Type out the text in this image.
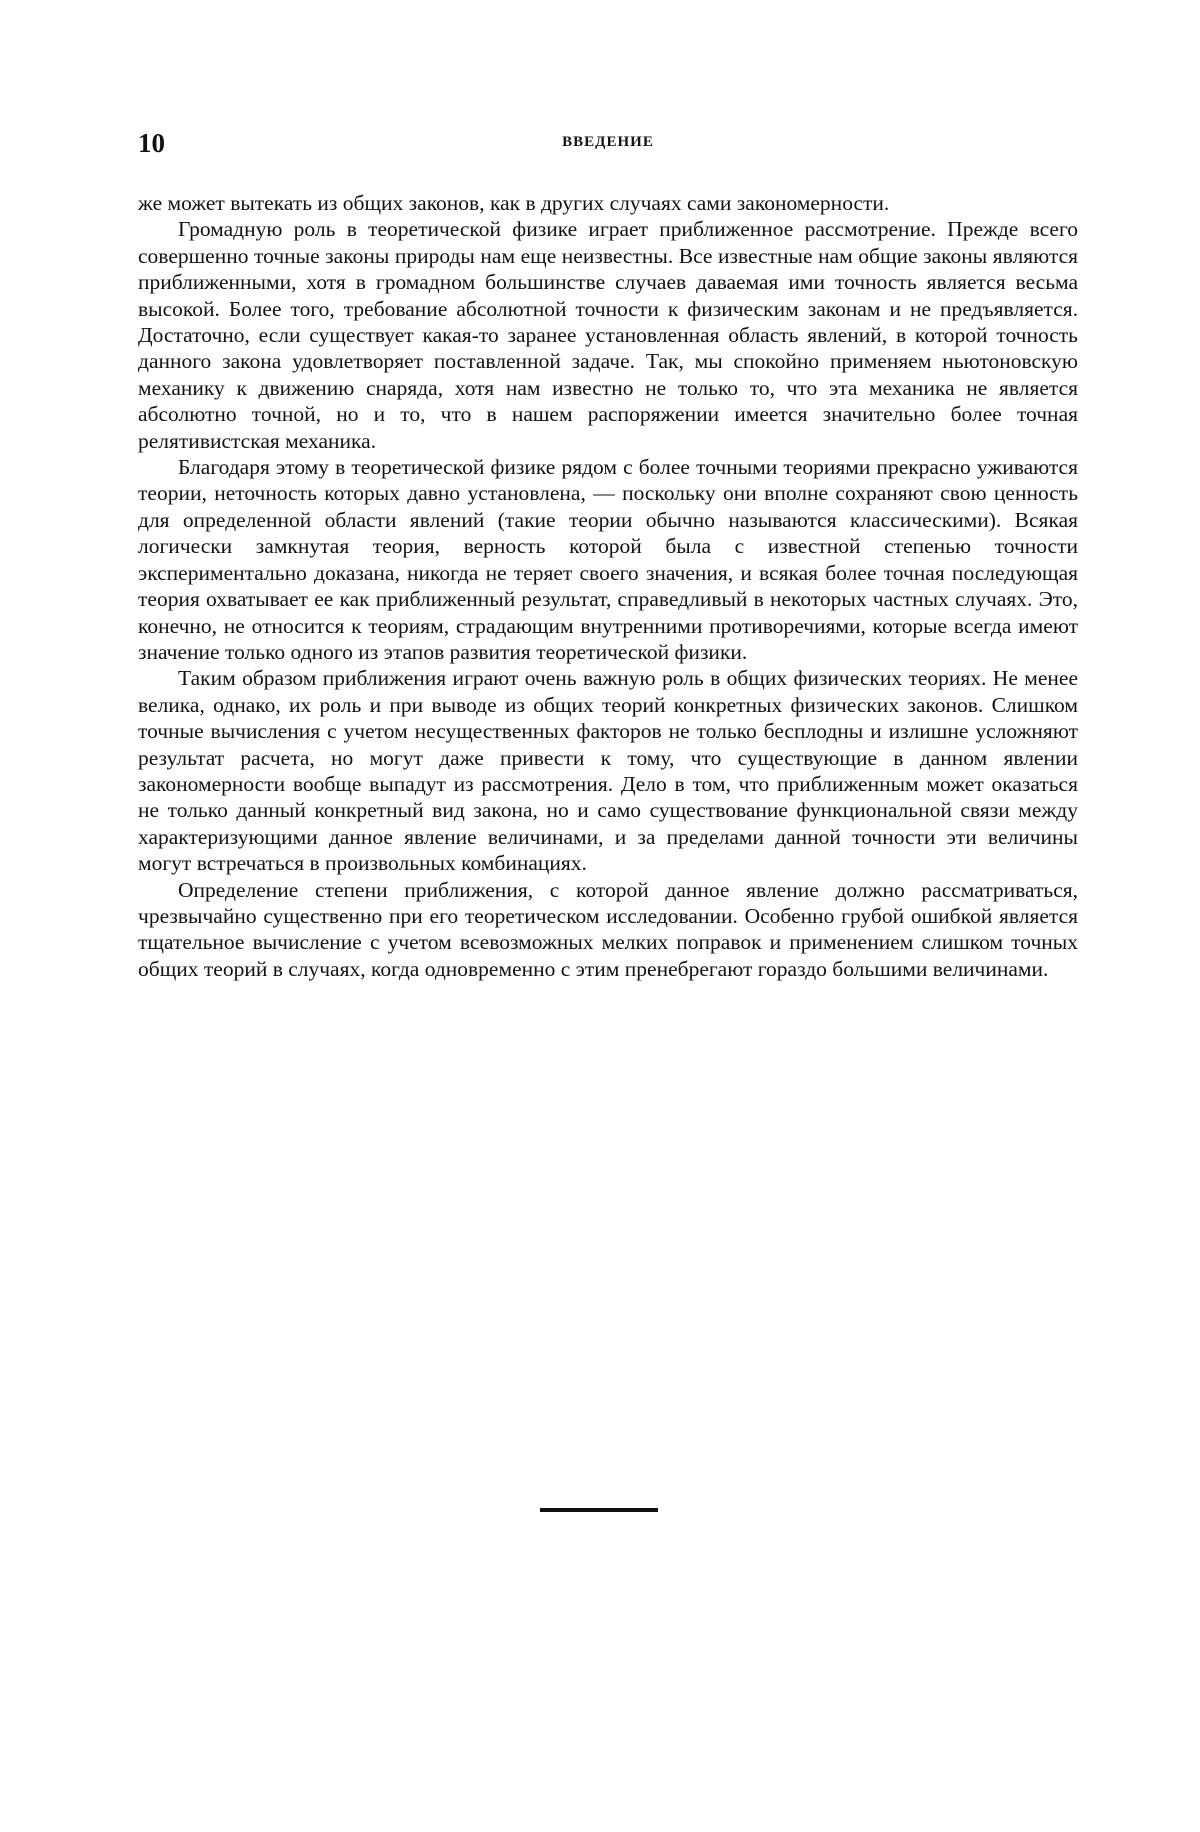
10	ВВЕДЕНИЕ

же может вытекать из общих законов, как в других случаях сами закономерности.

Громадную роль в теоретической физике играет приближенное рассмотрение. Прежде всего совершенно точные законы природы нам еще неизвестны. Все известные нам общие законы являются приближенными, хотя в громадном большинстве случаев даваемая ими точность является весьма высокой. Более того, требование абсолютной точности к физическим законам и не предъявляется. Достаточно, если существует какая-то заранее установленная область явлений, в которой точность данного закона удовлетворяет поставленной задаче. Так, мы спокойно применяем ньютоновскую механику к движению снаряда, хотя нам известно не только то, что эта механика не является абсолютно точной, но и то, что в нашем распоряжении имеется значительно более точная релятивистская механика.

Благодаря этому в теоретической физике рядом с более точными теориями прекрасно уживаются теории, неточность которых давно установлена, — поскольку они вполне сохраняют свою ценность для определенной области явлений (такие теории обычно называются классическими). Всякая логически замкнутая теория, верность которой была с известной степенью точности экспериментально доказана, никогда не теряет своего значения, и всякая более точная последующая теория охватывает ее как приближенный результат, справедливый в некоторых частных случаях. Это, конечно, не относится к теориям, страдающим внутренними противоречиями, которые всегда имеют значение только одного из этапов развития теоретической физики.

Таким образом приближения играют очень важную роль в общих физических теориях. Не менее велика, однако, их роль и при выводе из общих теорий конкретных физических законов. Слишком точные вычисления с учетом несущественных факторов не только бесплодны и излишне усложняют результат расчета, но могут даже привести к тому, что существующие в данном явлении закономерности вообще выпадут из рассмотрения. Дело в том, что приближенным может оказаться не только данный конкретный вид закона, но и само существование функциональной связи между характеризующими данное явление величинами, и за пределами данной точности эти величины могут встречаться в произвольных комбинациях.

Определение степени приближения, с которой данное явление должно рассматриваться, чрезвычайно существенно при его теоретическом исследовании. Особенно грубой ошибкой является тщательное вычисление с учетом всевозможных мелких поправок и применением слишком точных общих теорий в случаях, когда одновременно с этим пренебрегают гораздо большими величинами.
